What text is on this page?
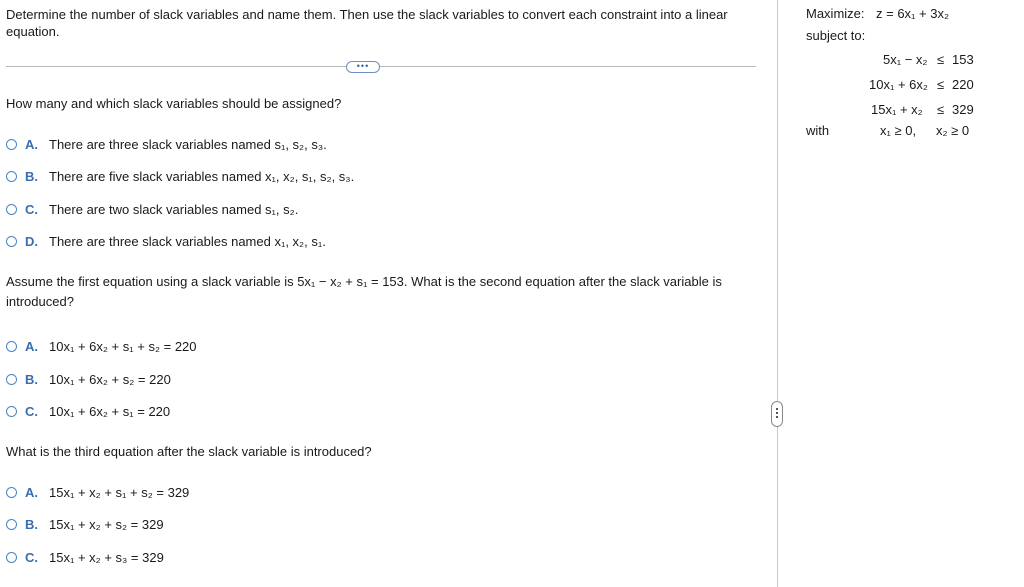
Determine the number of slack variables and name them. Then use the slack variables to convert each constraint into a linear equation.
•••
How many and which slack variables should be assigned?
A. There are three slack variables named s₁, s₂, s₃.
B. There are five slack variables named x₁, x₂, s₁, s₂, s₃.
C. There are two slack variables named s₁, s₂.
D. There are three slack variables named x₁, x₂, s₁.
Assume the first equation using a slack variable is 5x₁ − x₂ + s₁ = 153. What is the second equation after the slack variable is introduced?
A. 10x₁ + 6x₂ + s₁ + s₂ = 220
B. 10x₁ + 6x₂ + s₂ = 220
C. 10x₁ + 6x₂ + s₁ = 220
What is the third equation after the slack variable is introduced?
A. 15x₁ + x₂ + s₁ + s₂ = 329
B. 15x₁ + x₂ + s₂ = 329
C. 15x₁ + x₂ + s₃ = 329
Maximize: z = 6x₁ + 3x₂
subject to:
5x₁ − x₂ ≤ 153
10x₁ + 6x₂ ≤ 220
15x₁ + x₂ ≤ 329
with	x₁ ≥ 0, x₂ ≥ 0
